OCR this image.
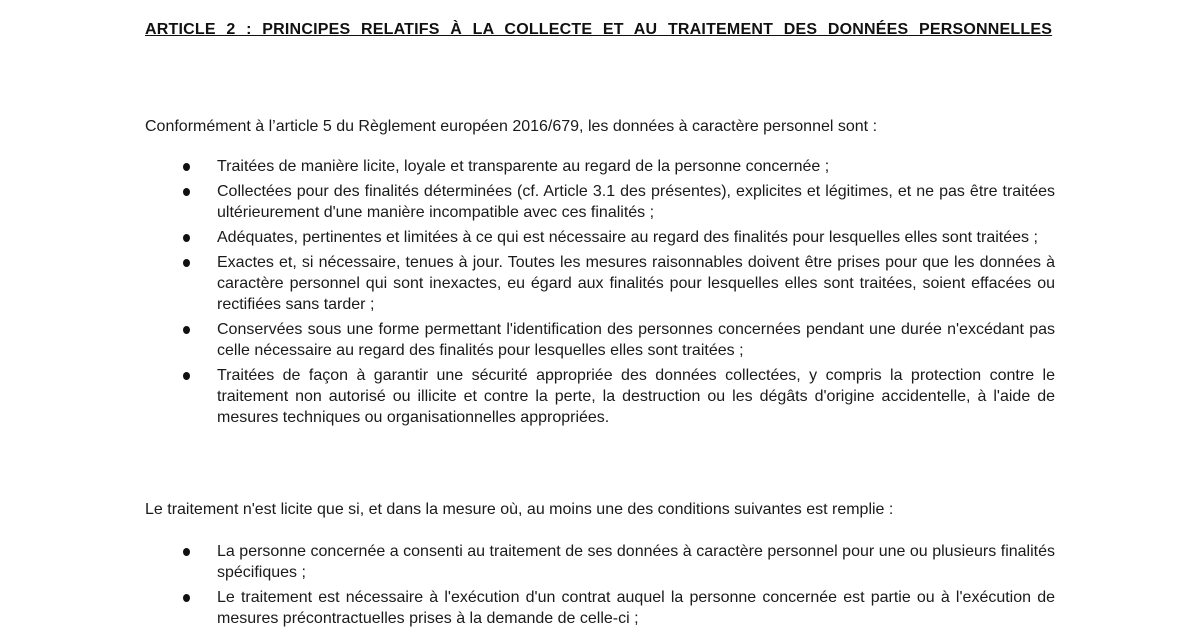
ARTICLE 2 : PRINCIPES RELATIFS À LA COLLECTE ET AU TRAITEMENT DES DONNÉES PERSONNELLES
Conformément à l’article 5 du Règlement européen 2016/679, les données à caractère personnel sont :
Traitées de manière licite, loyale et transparente au regard de la personne concernée ;
Collectées pour des finalités déterminées (cf. Article 3.1 des présentes), explicites et légitimes, et ne pas être traitées ultérieurement d'une manière incompatible avec ces finalités ;
Adéquates, pertinentes et limitées à ce qui est nécessaire au regard des finalités pour lesquelles elles sont traitées ;
Exactes et, si nécessaire, tenues à jour. Toutes les mesures raisonnables doivent être prises pour que les données à caractère personnel qui sont inexactes, eu égard aux finalités pour lesquelles elles sont traitées, soient effacées ou rectifiées sans tarder ;
Conservées sous une forme permettant l'identification des personnes concernées pendant une durée n'excédant pas celle nécessaire au regard des finalités pour lesquelles elles sont traitées ;
Traitées de façon à garantir une sécurité appropriée des données collectées, y compris la protection contre le traitement non autorisé ou illicite et contre la perte, la destruction ou les dégâts d'origine accidentelle, à l'aide de mesures techniques ou organisationnelles appropriées.
Le traitement n'est licite que si, et dans la mesure où, au moins une des conditions suivantes est remplie :
La personne concernée a consenti au traitement de ses données à caractère personnel pour une ou plusieurs finalités spécifiques ;
Le traitement est nécessaire à l'exécution d'un contrat auquel la personne concernée est partie ou à l'exécution de mesures précontractuelles prises à la demande de celle-ci ;
